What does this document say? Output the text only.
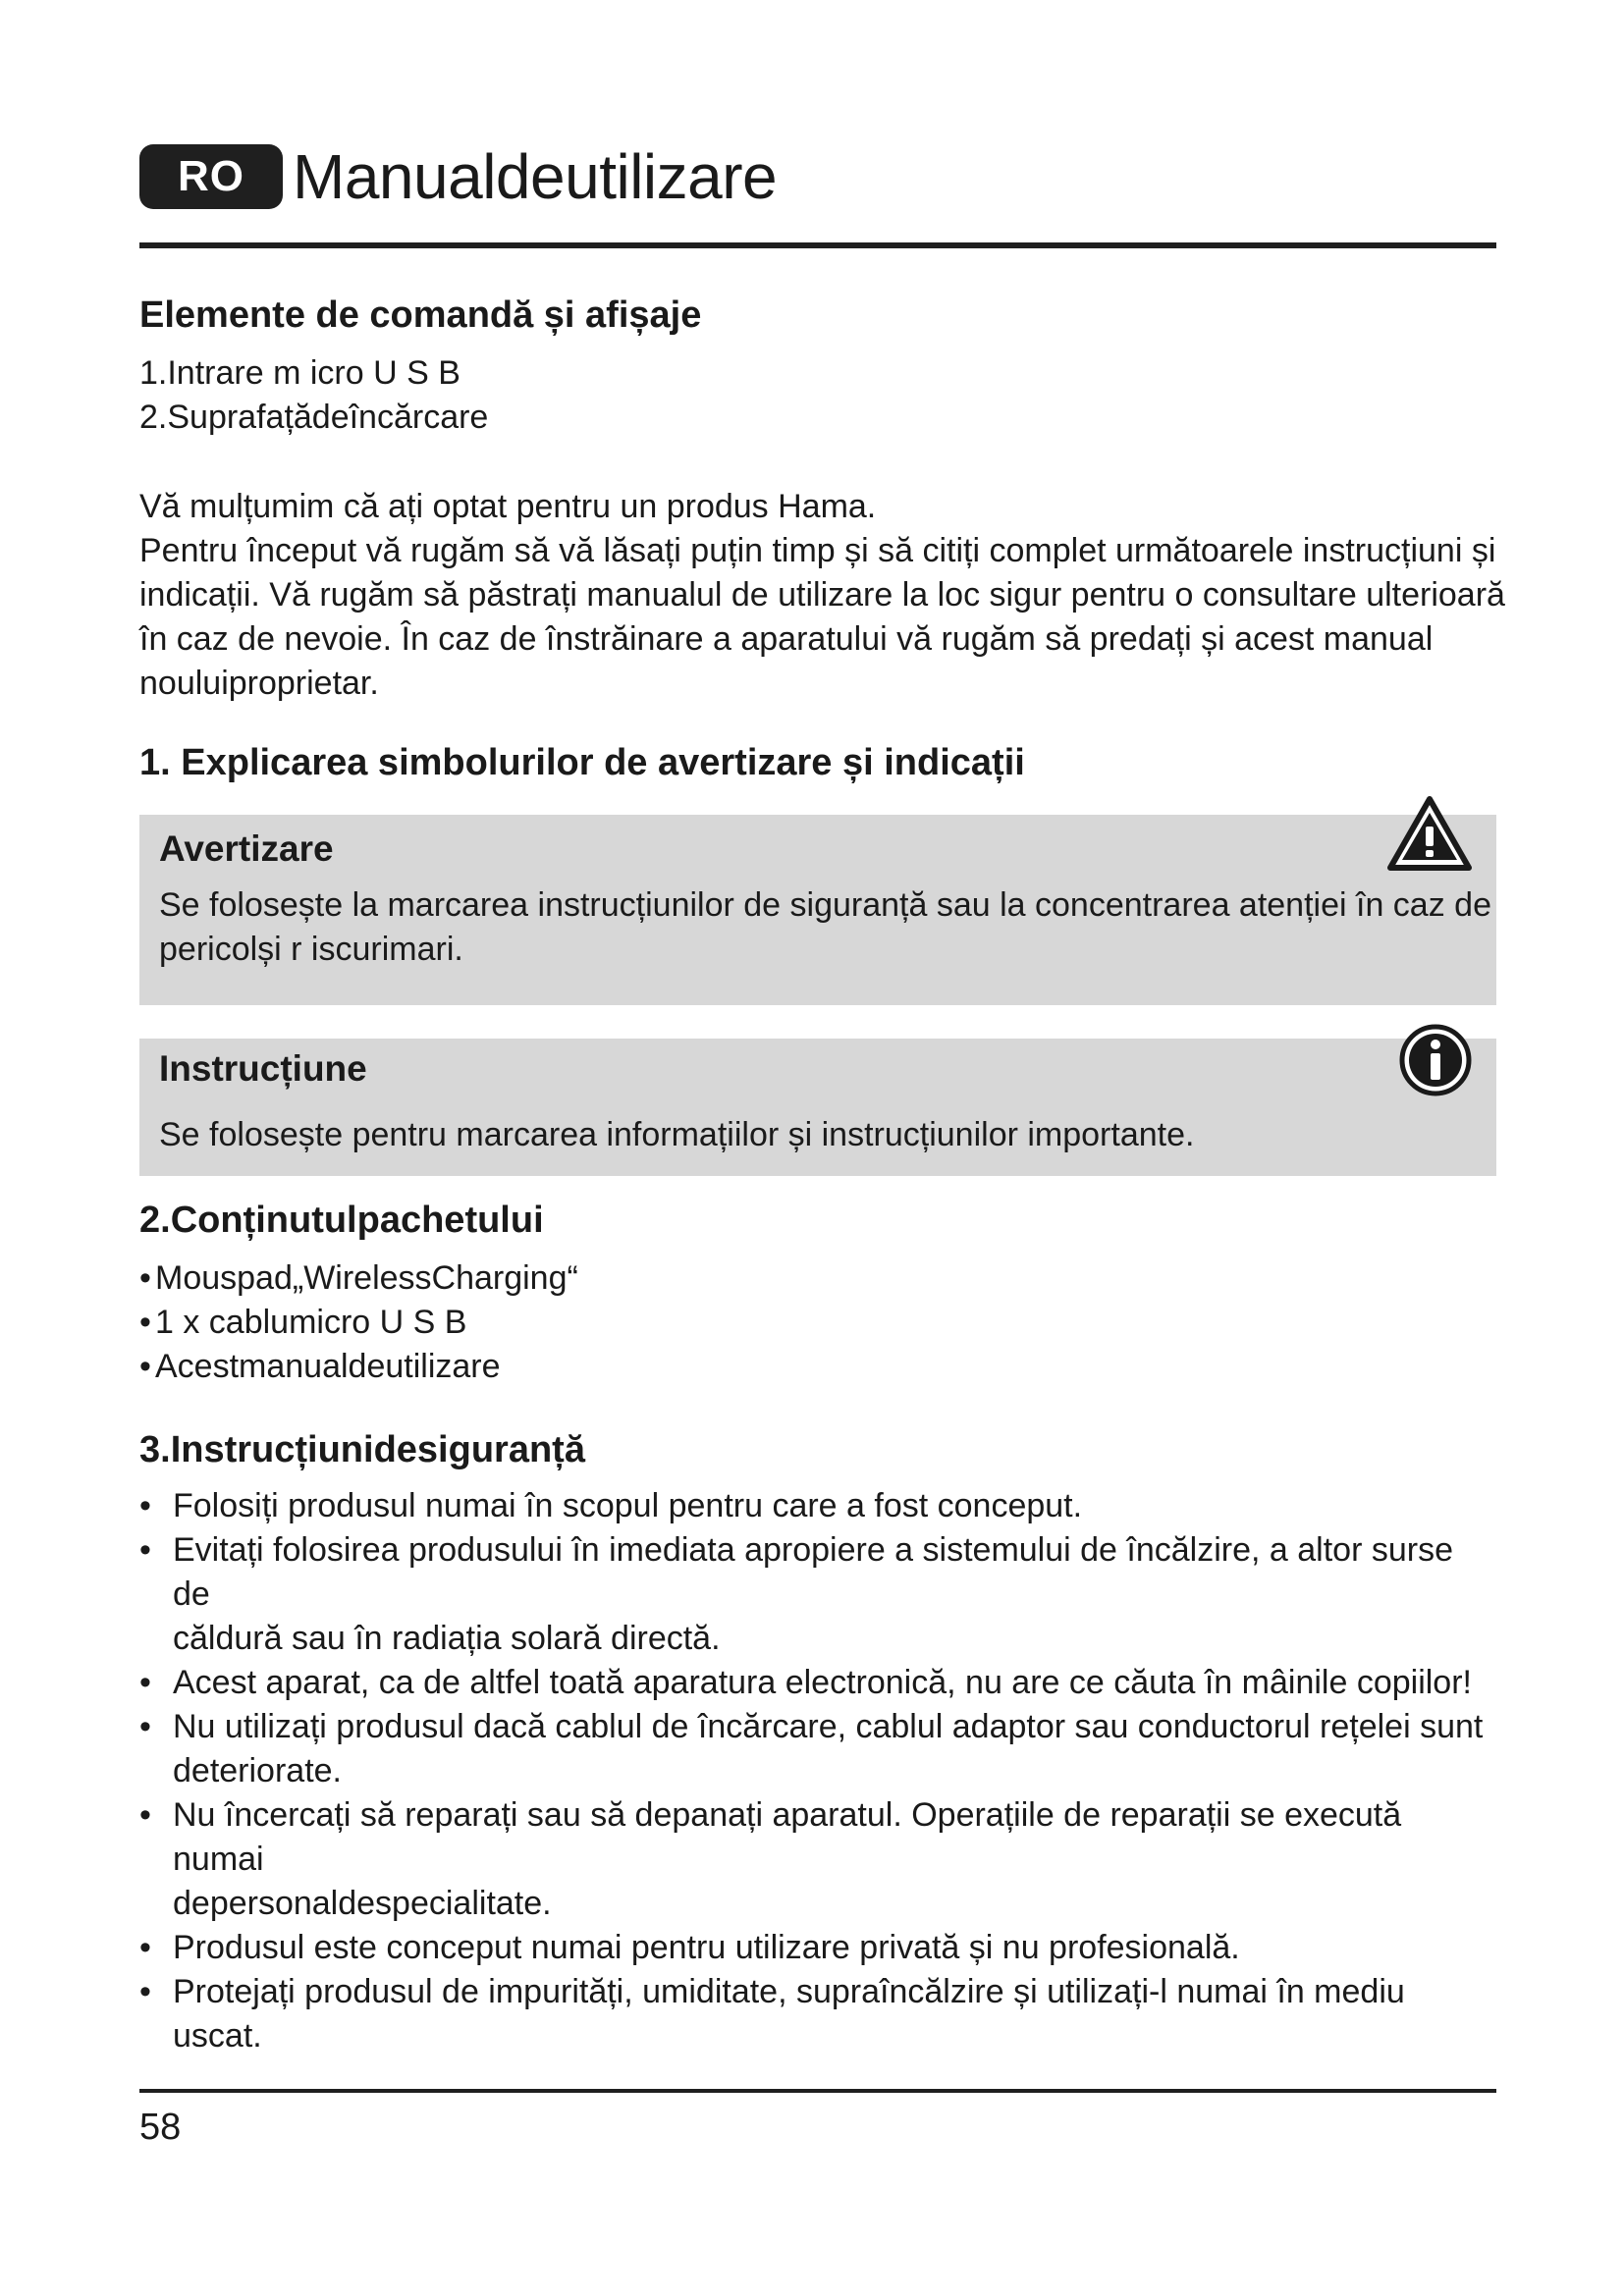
RO Manualdeutilizare
Elemente de comandă și afișaje
1.Intrare m icro U S B
2.Suprafațădeîncărcare
Vă mulțumim că ați optat pentru un produs Hama.
Pentru început vă rugăm să vă lăsați puțin timp și să citiți complet următoarele instrucțiuni și
indicații. Vă rugăm să păstrați manualul de utilizare la loc sigur pentru o consultare ulterioară
în caz de nevoie. În caz de înstrăinare a aparatului vă rugăm să predați și acest manual
nouluiproprietar.
1. Explicarea simbolurilor de avertizare și indicații
Avertizare
Se folosește la marcarea instrucțiunilor de siguranță sau la concentrarea atenției în caz de
pericolși r iscurimari.
Instrucțiune
Se folosește pentru marcarea informațiilor și instrucțiunilor importante.
2.Conținutulpachetului
• Mouspad„WirelessCharging“
• 1 x cablumicro U S B
• Acestmanualdeutilizare
3.Instrucțiunidesiguranță
• Folosiți produsul numai în scopul pentru care a fost conceput.
• Evitați folosirea produsului în imediata apropiere a sistemului de încălzire, a altor surse de
căldură sau în radiația solară directă.
• Acest aparat, ca de altfel toată aparatura electronică, nu are ce căuta în mâinile copiilor!
• Nu utilizați produsul dacă cablul de încărcare, cablul adaptor sau conductorul rețelei sunt
deteriorate.
• Nu încercați să reparați sau să depanați aparatul. Operațiile de reparații se execută numai
depersonaldespecialitate.
• Produsul este conceput numai pentru utilizare privată și nu profesională.
• Protejați produsul de impurități, umiditate, supraîncălzire și utilizați-l numai în mediu uscat.
58
